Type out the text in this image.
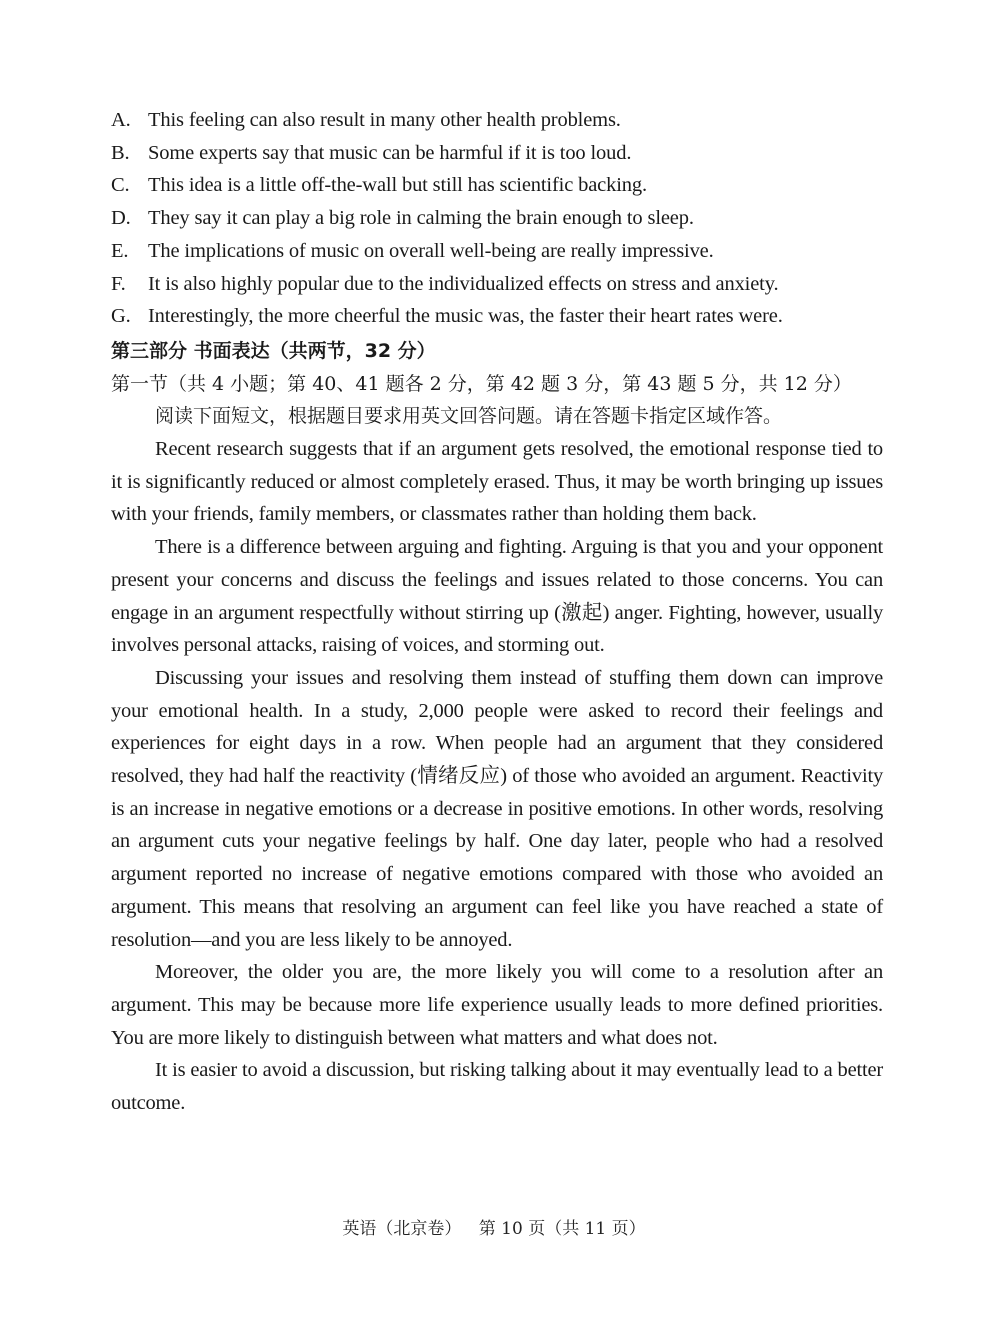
A. This feeling can also result in many other health problems.
B. Some experts say that music can be harmful if it is too loud.
C. This idea is a little off-the-wall but still has scientific backing.
D. They say it can play a big role in calming the brain enough to sleep.
E. The implications of music on overall well-being are really impressive.
F.	It is also highly popular due to the individualized effects on stress and anxiety.
G. Interestingly, the more cheerful the music was, the faster their heart rates were.
第三部分 书面表达（共两节，32 分）
第一节（共 4 小题；第 40、41 题各 2 分，第 42 题 3 分，第 43 题 5 分，共 12 分）
阅读下面短文，根据题目要求用英文回答问题。请在答题卡指定区域作答。

Recent research suggests that if an argument gets resolved, the emotional response tied to it is significantly reduced or almost completely erased. Thus, it may be worth bringing up issues with your friends, family members, or classmates rather than holding them back.

There is a difference between arguing and fighting. Arguing is that you and your opponent present your concerns and discuss the feelings and issues related to those concerns. You can engage in an argument respectfully without stirring up (激起) anger. Fighting, however, usually involves personal attacks, raising of voices, and storming out.

Discussing your issues and resolving them instead of stuffing them down can improve your emotional health. In a study, 2,000 people were asked to record their feelings and experiences for eight days in a row. When people had an argument that they considered resolved, they had half the reactivity (情绪反应) of those who avoided an argument. Reactivity is an increase in negative emotions or a decrease in positive emotions. In other words, resolving an argument cuts your negative feelings by half. One day later, people who had a resolved argument reported no increase of negative emotions compared with those who avoided an argument. This means that resolving an argument can feel like you have reached a state of resolution—and you are less likely to be annoyed.

Moreover, the older you are, the more likely you will come to a resolution after an argument. This may be because more life experience usually leads to more defined priorities. You are more likely to distinguish between what matters and what does not.

It is easier to avoid a discussion, but risking talking about it may eventually lead to a better outcome.

英语（北京卷） 第 10 页（共 11 页）
